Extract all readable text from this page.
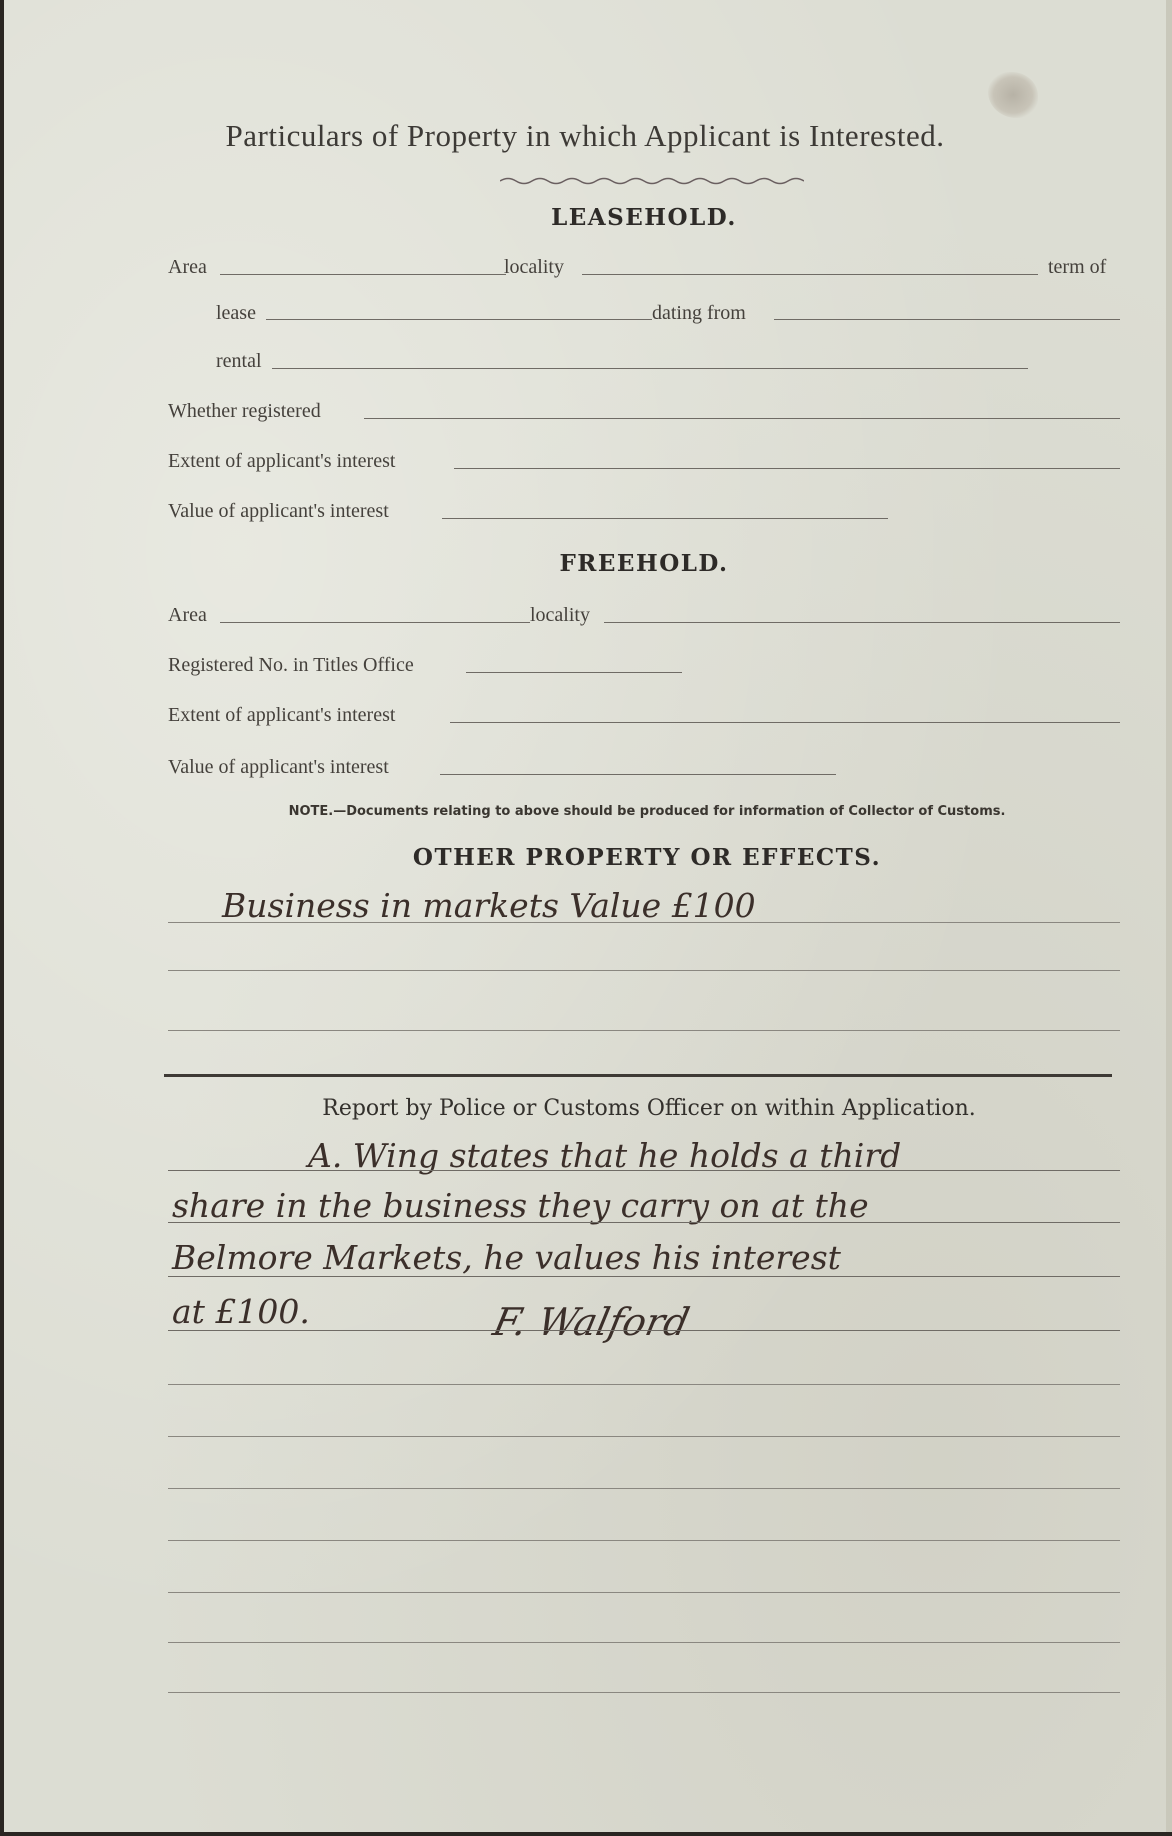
Particulars of Property in which Applicant is Interested.
LEASEHOLD.
Area	locality	term of
lease	dating from
rental
Whether registered
Extent of applicant's interest
Value of applicant's interest
FREEHOLD.
Area	locality
Registered No. in Titles Office
Extent of applicant's interest
Value of applicant's interest
NOTE.—Documents relating to above should be produced for information of Collector of Customs.
OTHER PROPERTY OR EFFECTS.
Business in markets Value £100
Report by Police or Customs Officer on within Application.
A. Wing states that he holds a third
share in the business they carry on at the
Belmore Markets, he values his interest
at £100.	F. Walford
